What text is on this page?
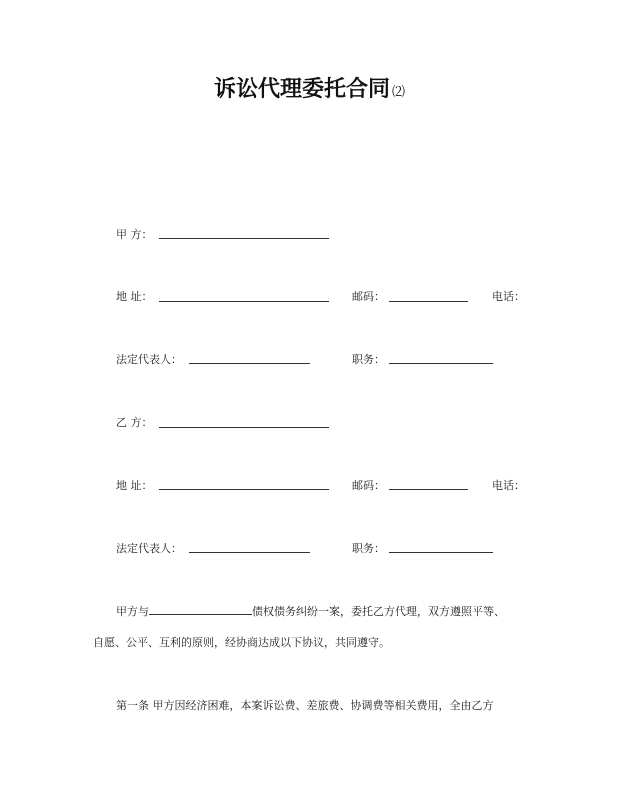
诉讼代理委托合同 ⑵
甲 方：
地 址：	邮码：	电话：
法定代表人：	职务：
乙 方：
地 址：	邮码：	电话：
法定代表人：	职务：
甲方与	债权债务纠纷一案，委托乙方代理，双方遵照平等、
自愿、公平、互利的原则，经协商达成以下协议，共同遵守。
第一条 甲方因经济困难，本案诉讼费、差旅费、协调费等相关费用，全由乙方
